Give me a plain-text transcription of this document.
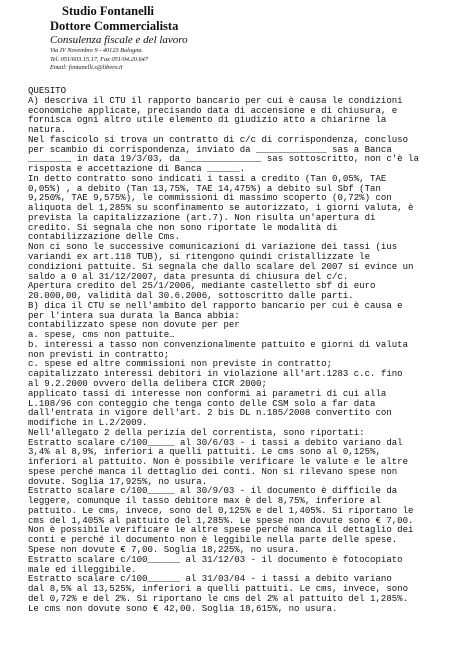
Studio Fontanelli

Dottore Commercialista

Consulenza fiscale e del lavoro

Via IV Novembre 9 - 40123 Bologna.

Tel. 051/603.15.17, Fax 051/04.20.647

Email: fontanelli.s@libero.it

QUESITO
A) descriva il CTU il rapporto bancario per cui è causa le condizioni
economiche applicate, precisando data di accensione e di chiusura, e
fornisca ogni altro utile elemento di giudizio atto a chiarirne la
natura.
Nel fascicolo si trova un contratto di c/c di corrispondenza, concluso
per scambio di corrispondenza, inviato da _____________ sas a Banca
________ in data 19/3/03, da ______________ sas sottoscritto, non c'è la
risposta e accettazione di Banca ______.
In detto contratto sono indicati i tassi a credito (Tan 0,05%, TAE
0,05%) , a debito (Tan 13,75%, TAE 14,475%) a debito sul Sbf (Tan
9,250%, TAE 9,575%), le commissioni di massimo scoperto (0,72%) con
aliquota del 1,285% su sconfinamento se autorizzato, i giorni valuta, è
prevista la capitalizzazione (art.7). Non risulta un'apertura di
credito. Si segnala che non sono riportate le modalità di
contabilizzazione delle Cms.
Non ci sono le successive comunicazioni di variazione dei tassi (ius
variandi ex art.118 TUB), si ritengono quindi cristallizzate le
condizioni pattuite. Si segnala che dallo scalare del 2007 si evince un
saldo a 0 al 31/12/2007, data presunta di chiusura del c/c.
Apertura credito del 25/1/2006, mediante castelletto sbf di euro
20.000,00, validità dal 30.6.2006, sottoscritto dalle parti.
B) dica il CTU se nell'ambito del rapporto bancario per cui è causa e
per l'intera sua durata la Banca abbia:
contabilizzato spese non dovute per per
a. spese, cms non pattuite…
b. interessi a tasso non convenzionalmente pattuito e giorni di valuta
non previsti in contratto;
c. spese ed altre commissioni non previste in contratto;
capitalizzato interessi debitori in violazione all'art.1283 c.c. fino
al 9.2.2000 ovvero della delibera CICR 2000;
applicato tassi di interesse non conformi ai parametri di cui alla
L.108/96 con conteggio che tenga conto delle CSM solo a far data
dall'entrata in vigore dell'art. 2 bis DL n.185/2008 convertito con
modifiche in L.2/2009.
Nell'allegato 2 della perizia del correntista, sono riportati:
Estratto scalare c/100_____ al 30/6/03 - i tassi a debito variano dal
3,4% al 8,9%, inferiori a quelli pattuiti. Le cms sono al 0,125%,
inferiori al pattuito. Non è possibile verificare le valute e le altre
spese perché manca il dettaglio dei conti. Non si rilevano spese non
dovute. Soglia 17,925%, no usura.
Estratto scalare c/100_____ al 30/9/03 - il documento è difficile da
leggere, comunque il tasso debitore max è del 8,75%, inferiore al
pattuito. Le cms, invece, sono del 0,125% e del 1,405%. Si riportano le
cms del 1,405% al pattuito del 1,285%. Le spese non dovute sono € 7,00.
Non è possibile verificare le altre spese perché manca il dettaglio dei
conti e perché il documento non è leggibile nella parte delle spese.
Spese non dovute € 7,00. Soglia 18,225%, no usura.
Estratto scalare c/100______ al 31/12/03 - il documento è fotocopiato
male ed illeggibile.
Estratto scalare c/100______ al 31/03/04 - i tassi a debito variano
dal 8,5% al 13,525%, inferiori a quelli pattuiti. Le cms, invece, sono
del 0,72% e del 2%. Si riportano le cms del 2% al pattuito del 1,285%.
Le cms non dovute sono € 42,00. Soglia 18,615%, no usura.
